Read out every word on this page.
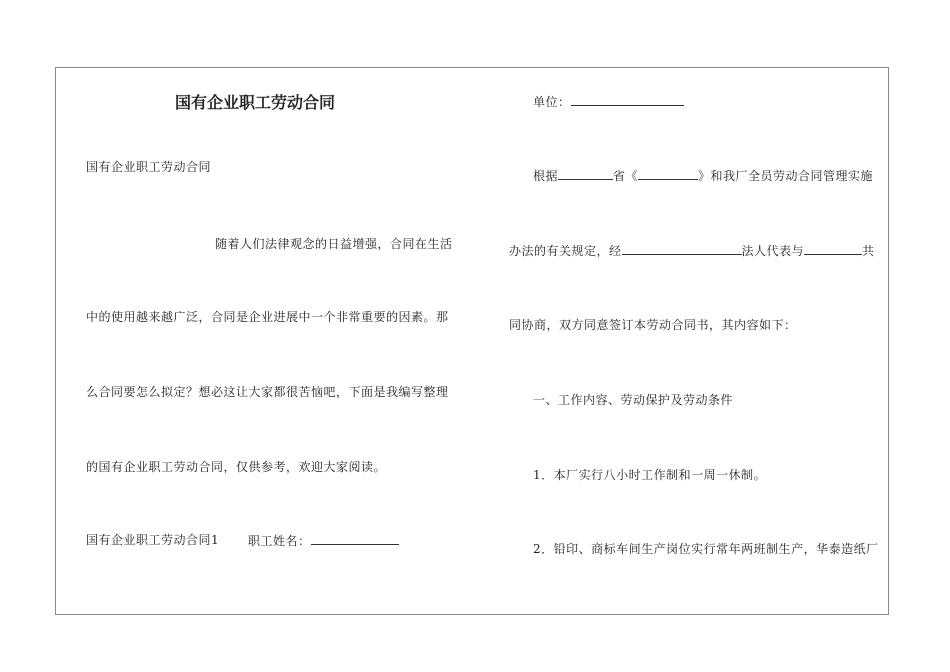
国有企业职工劳动合同
国有企业职工劳动合同
随着人们法律观念的日益增强，合同在生活
中的使用越来越广泛，合同是企业进展中一个非常重要的因素。那
么合同要怎么拟定？想必这让大家都很苦恼吧，下面是我编写整理
的国有企业职工劳动合同，仅供参考，欢迎大家阅读。
国有企业职工劳动合同1 职工姓名：
单位：
根据	省《	》和我厂全员劳动合同管理实施
办法的有关规定，经	法人代表与	共
同协商，双方同意签订本劳动合同书，其内容如下：
一、工作内容、劳动保护及劳动条件
1．本厂实行八小时工作制和一周一休制。
2．铅印、商标车间生产岗位实行常年两班制生产，华泰造纸厂
